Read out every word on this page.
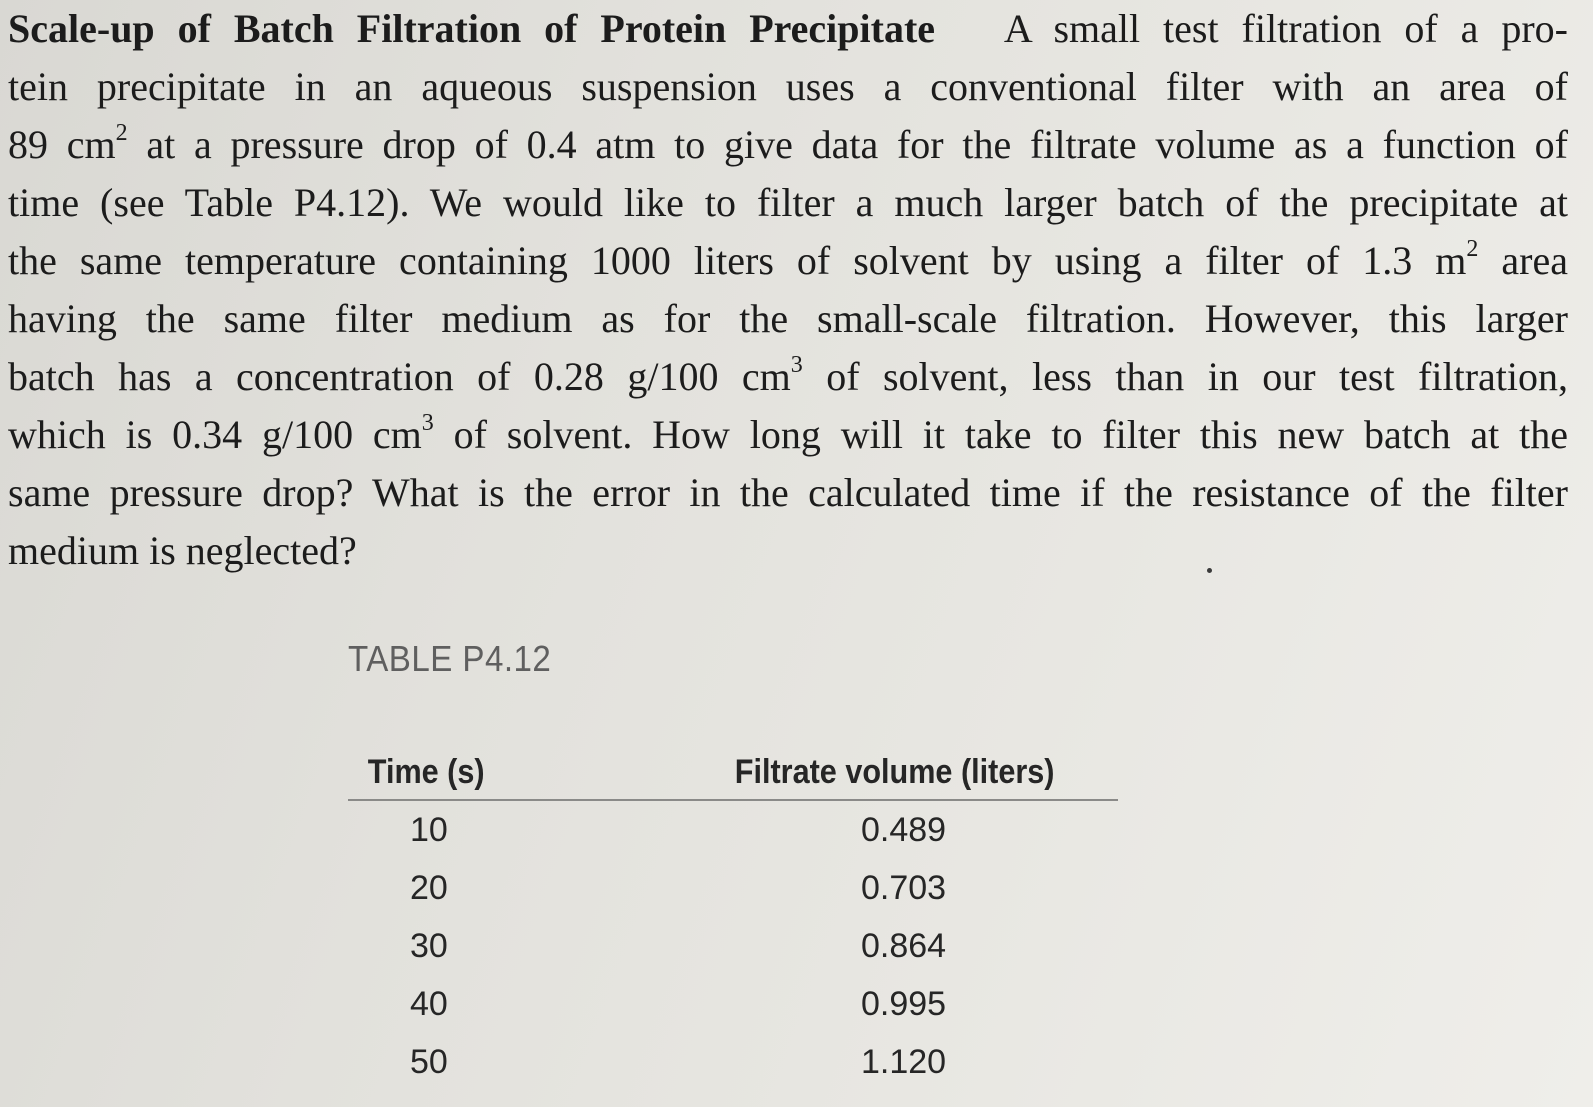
Scale-up of Batch Filtration of Protein Precipitate A small test filtration of a pro-
tein precipitate in an aqueous suspension uses a conventional filter with an area of
89 $cm^2$ at a pressure drop of 0.4 atm to give data for the filtrate volume as a function of
time (see Table P4.12). We would like to filter a much larger batch of the precipitate at
the same temperature containing 1000 liters of solvent by using a filter of 1.3 $m^2$ area
having the same filter medium as for the small-scale filtration. However, this larger
batch has a concentration of 0.28 g/100 $cm^3$ of solvent, less than in our test filtration,
which is 0.34 g/100 $cm^3$ of solvent. How long will it take to filter this new batch at the
same pressure drop? What is the error in the calculated time if the resistance of the filter
medium is neglected?
TABLE P4.12
Time (s)	Filtrate volume (liters)
10	0.489
20	0.703
30	0.864
40	0.995
50	1.120
